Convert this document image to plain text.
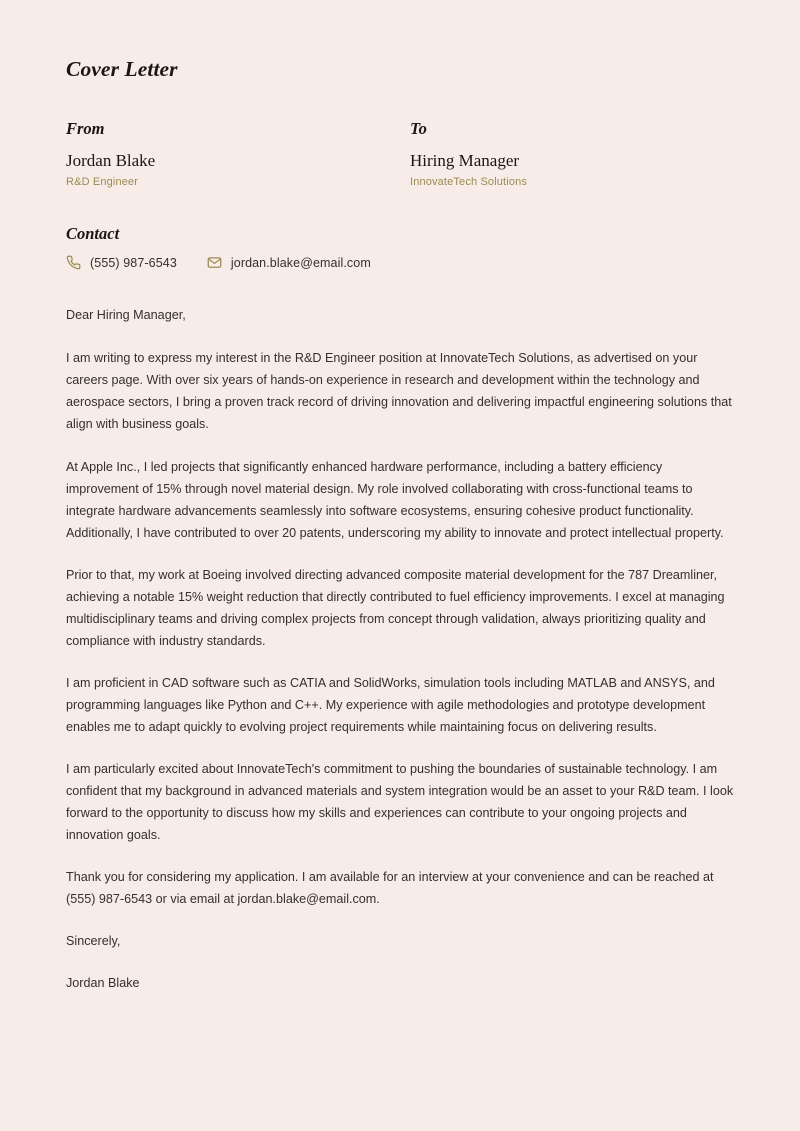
Cover Letter
From
Jordan Blake
R&D Engineer
To
Hiring Manager
InnovateTech Solutions
Contact
(555) 987-6543	jordan.blake@email.com

Dear Hiring Manager,

I am writing to express my interest in the R&D Engineer position at InnovateTech Solutions, as advertised on your careers page. With over six years of hands-on experience in research and development within the technology and aerospace sectors, I bring a proven track record of driving innovation and delivering impactful engineering solutions that align with business goals.

At Apple Inc., I led projects that significantly enhanced hardware performance, including a battery efficiency improvement of 15% through novel material design. My role involved collaborating with cross-functional teams to integrate hardware advancements seamlessly into software ecosystems, ensuring cohesive product functionality. Additionally, I have contributed to over 20 patents, underscoring my ability to innovate and protect intellectual property.

Prior to that, my work at Boeing involved directing advanced composite material development for the 787 Dreamliner, achieving a notable 15% weight reduction that directly contributed to fuel efficiency improvements. I excel at managing multidisciplinary teams and driving complex projects from concept through validation, always prioritizing quality and compliance with industry standards.

I am proficient in CAD software such as CATIA and SolidWorks, simulation tools including MATLAB and ANSYS, and programming languages like Python and C++. My experience with agile methodologies and prototype development enables me to adapt quickly to evolving project requirements while maintaining focus on delivering results.

I am particularly excited about InnovateTech's commitment to pushing the boundaries of sustainable technology. I am confident that my background in advanced materials and system integration would be an asset to your R&D team. I look forward to the opportunity to discuss how my skills and experiences can contribute to your ongoing projects and innovation goals.

Thank you for considering my application. I am available for an interview at your convenience and can be reached at (555) 987-6543 or via email at jordan.blake@email.com.

Sincerely,

Jordan Blake
